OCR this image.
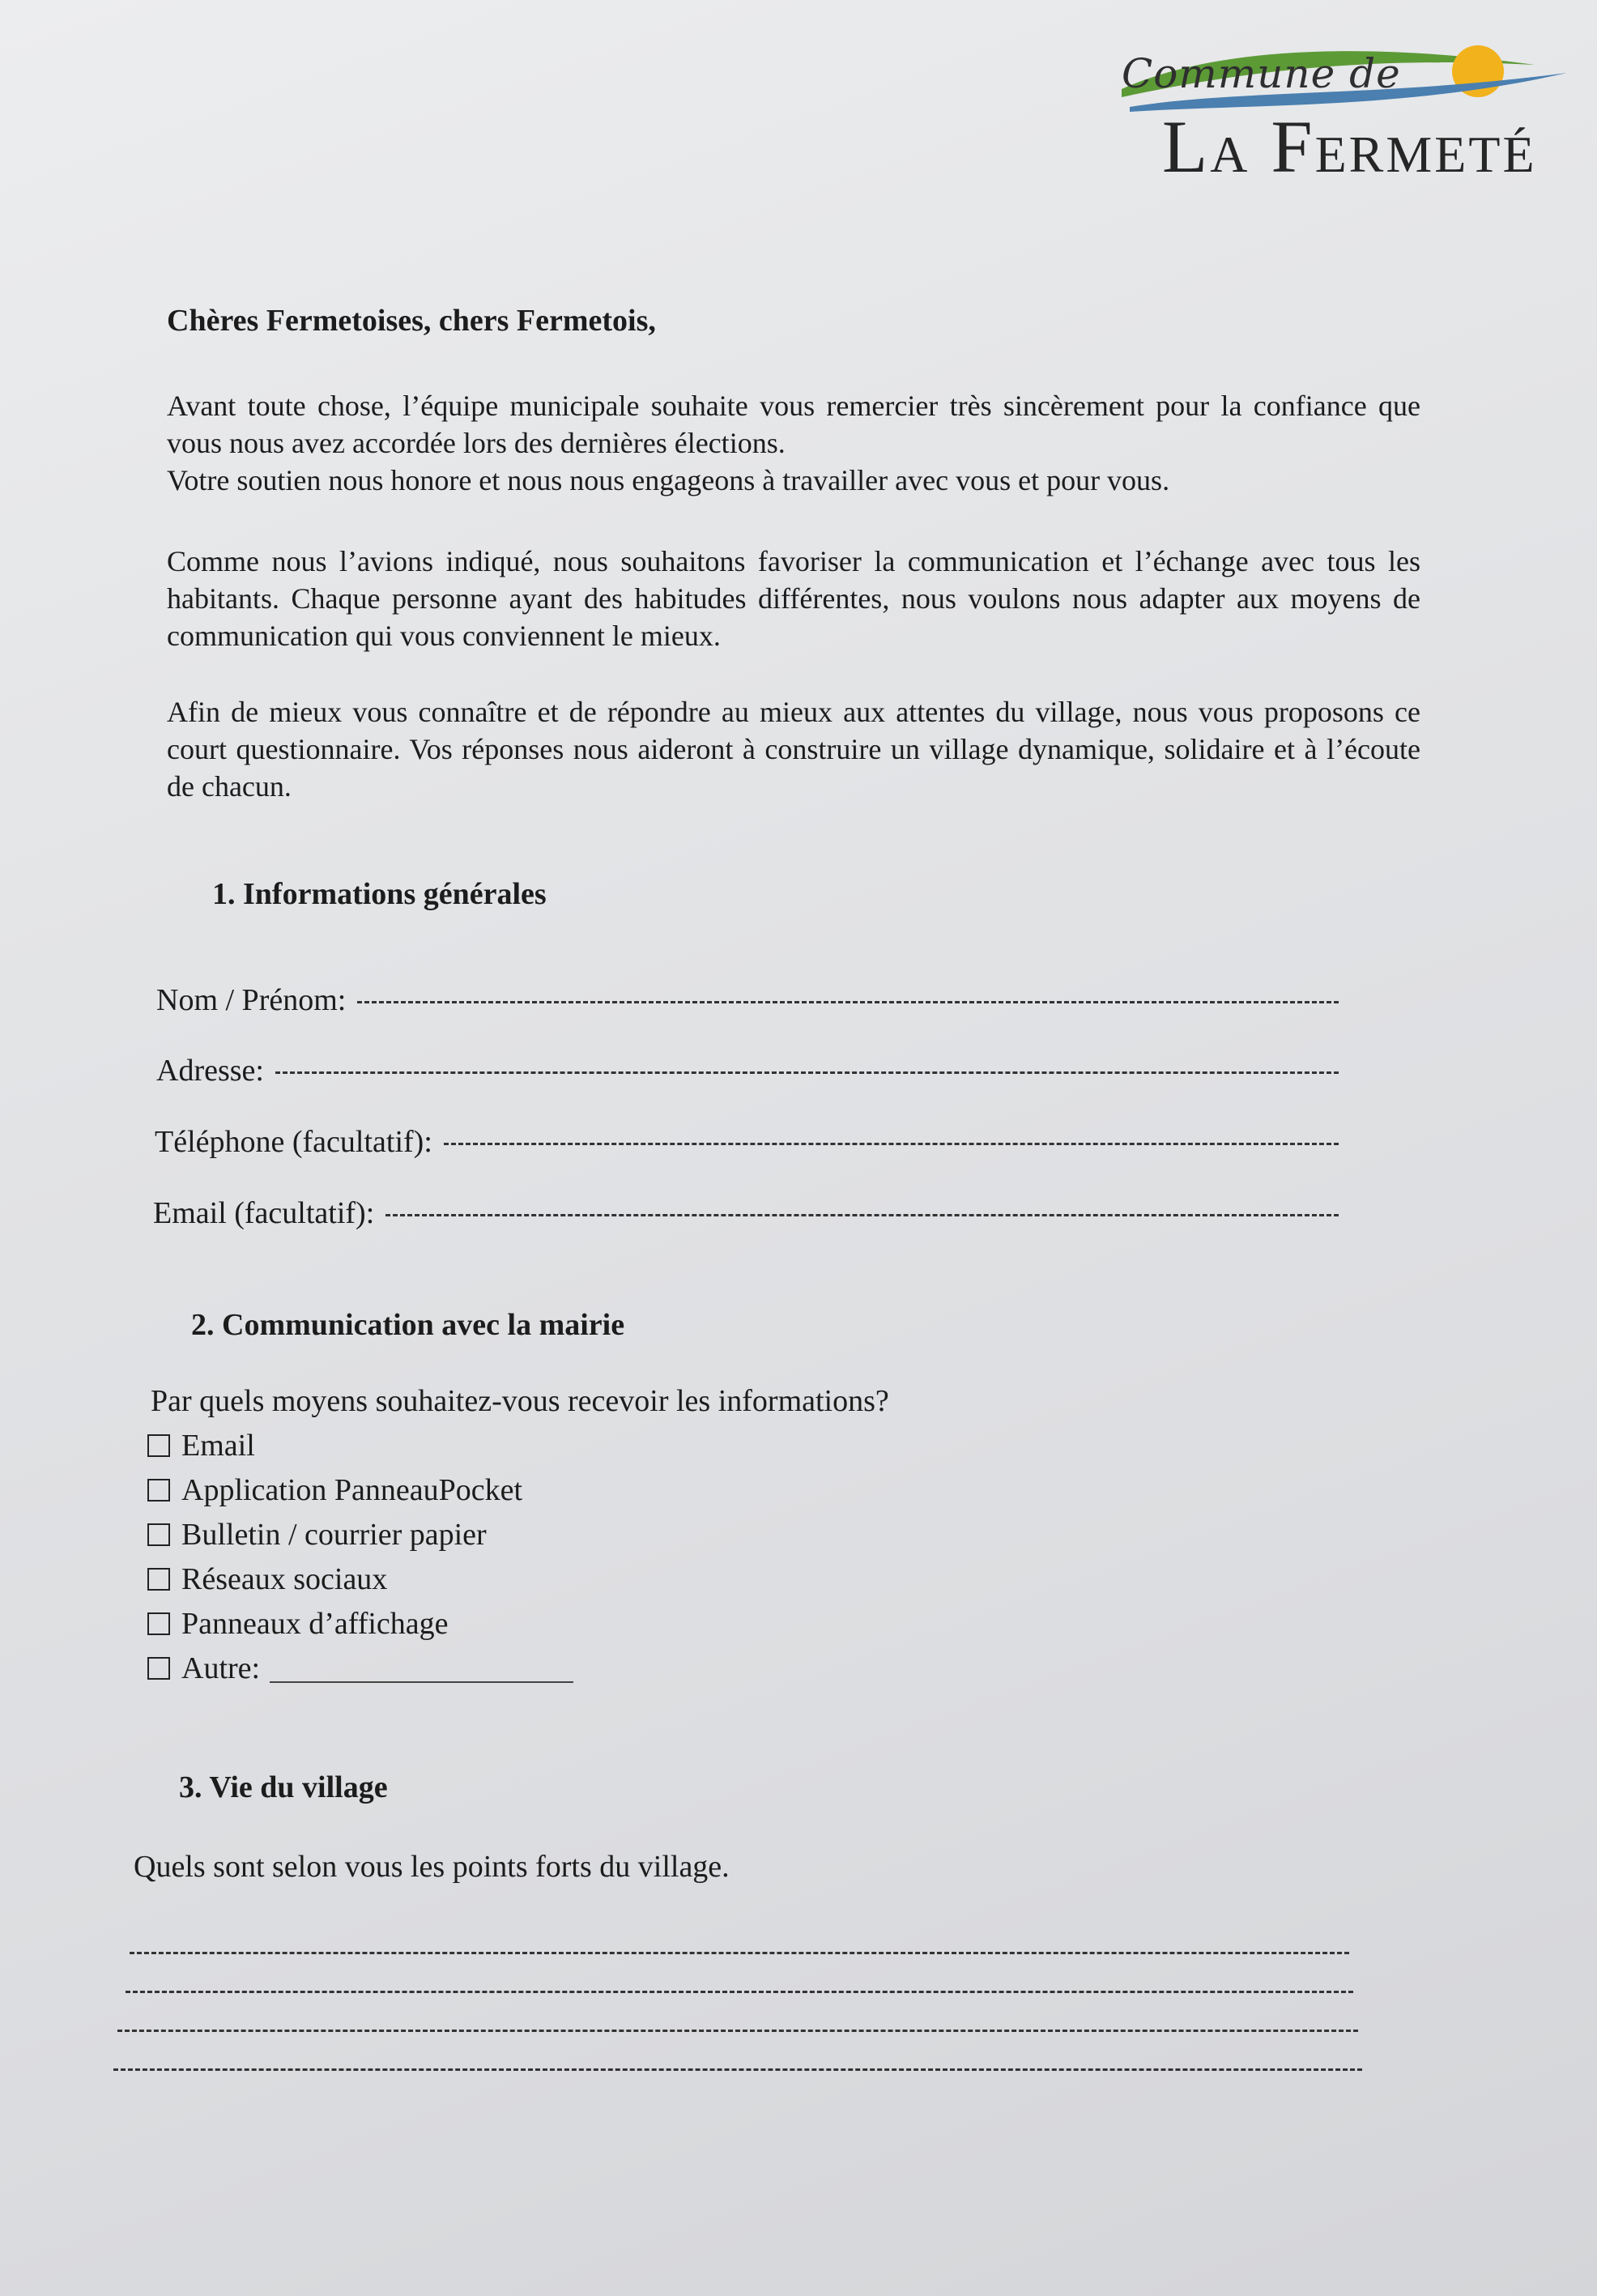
Commune de
La Fermeté
Chères Fermetoises, chers Fermetois,
Avant toute chose, l’équipe municipale souhaite vous remercier très sincèrement pour la confiance que vous nous avez accordée lors des dernières élections.
Votre soutien nous honore et nous nous engageons à travailler avec vous et pour vous.
Comme nous l’avions indiqué, nous souhaitons favoriser la communication et l’échange avec tous les habitants. Chaque personne ayant des habitudes différentes, nous voulons nous adapter aux moyens de communication qui vous conviennent le mieux.
Afin de mieux vous connaître et de répondre au mieux aux attentes du village, nous vous proposons ce court questionnaire. Vos réponses nous aideront à construire un village dynamique, solidaire et à l’écoute de chacun.
1. Informations générales
Nom / Prénom:
Adresse:
Téléphone (facultatif):
Email (facultatif):
2. Communication avec la mairie
Par quels moyens souhaitez-vous recevoir les informations?
Email
Application PanneauPocket
Bulletin / courrier papier
Réseaux sociaux
Panneaux d’affichage
Autre:
3. Vie du village
Quels sont selon vous les points forts du village.
